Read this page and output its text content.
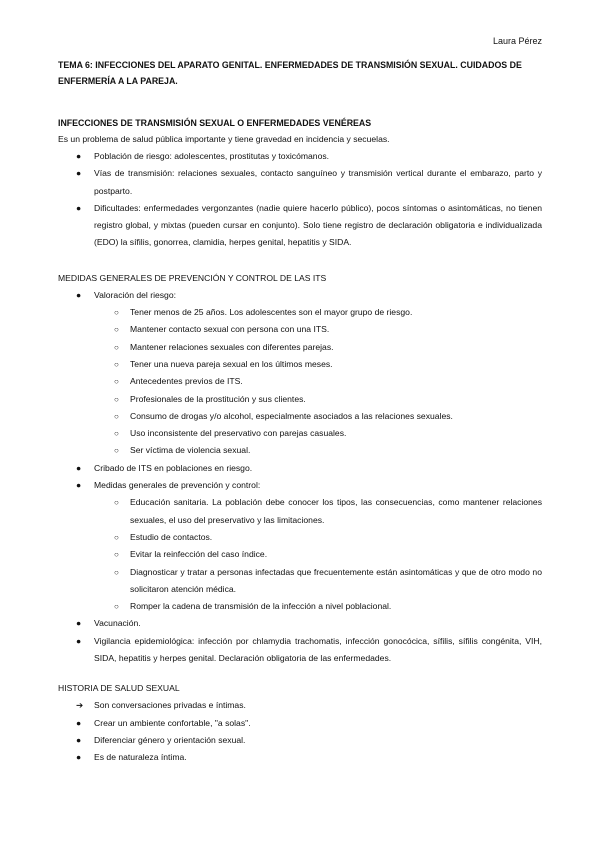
Laura Pérez

TEMA 6: INFECCIONES DEL APARATO GENITAL. ENFERMEDADES DE TRANSMISIÓN SEXUAL. CUIDADOS DE ENFERMERÍA A LA PAREJA.

INFECCIONES DE TRANSMISIÓN SEXUAL O ENFERMEDADES VENÉREAS

Es un problema de salud pública importante y tiene gravedad en incidencia y secuelas.

● Población de riesgo: adolescentes, prostitutas y toxicómanos.
● Vías de transmisión: relaciones sexuales, contacto sanguíneo y transmisión vertical durante el embarazo, parto y postparto.
● Dificultades: enfermedades vergonzantes (nadie quiere hacerlo público), pocos síntomas o asintomáticas, no tienen registro global, y mixtas (pueden cursar en conjunto). Solo tiene registro de declaración obligatoria e individualizada (EDO) la sífilis, gonorrea, clamidia, herpes genital, hepatitis y SIDA.
MEDIDAS GENERALES DE PREVENCIÓN Y CONTROL DE LAS ITS
● Valoración del riesgo:
○ Tener menos de 25 años. Los adolescentes son el mayor grupo de riesgo.
○ Mantener contacto sexual con persona con una ITS.
○ Mantener relaciones sexuales con diferentes parejas.
○ Tener una nueva pareja sexual en los últimos meses.
○ Antecedentes previos de ITS.
○ Profesionales de la prostitución y sus clientes.
○ Consumo de drogas y/o alcohol, especialmente asociados a las relaciones sexuales.
○ Uso inconsistente del preservativo con parejas casuales.
○ Ser víctima de violencia sexual.
● Cribado de ITS en poblaciones en riesgo.
● Medidas generales de prevención y control:
○ Educación sanitaria. La población debe conocer los tipos, las consecuencias, como mantener relaciones sexuales, el uso del preservativo y las limitaciones.
○ Estudio de contactos.
○ Evitar la reinfección del caso índice.
○ Diagnosticar y tratar a personas infectadas que frecuentemente están asintomáticas y que de otro modo no solicitaron atención médica.
○ Romper la cadena de transmisión de la infección a nivel poblacional.
● Vacunación.
● Vigilancia epidemiológica: infección por chlamydia trachomatis, infección gonocócica, sífilis, sífilis congénita, VIH, SIDA, hepatitis y herpes genital. Declaración obligatoria de las enfermedades.
HISTORIA DE SALUD SEXUAL
➔ Son conversaciones privadas e íntimas.
● Crear un ambiente confortable, "a solas".
● Diferenciar género y orientación sexual.
● Es de naturaleza íntima.
